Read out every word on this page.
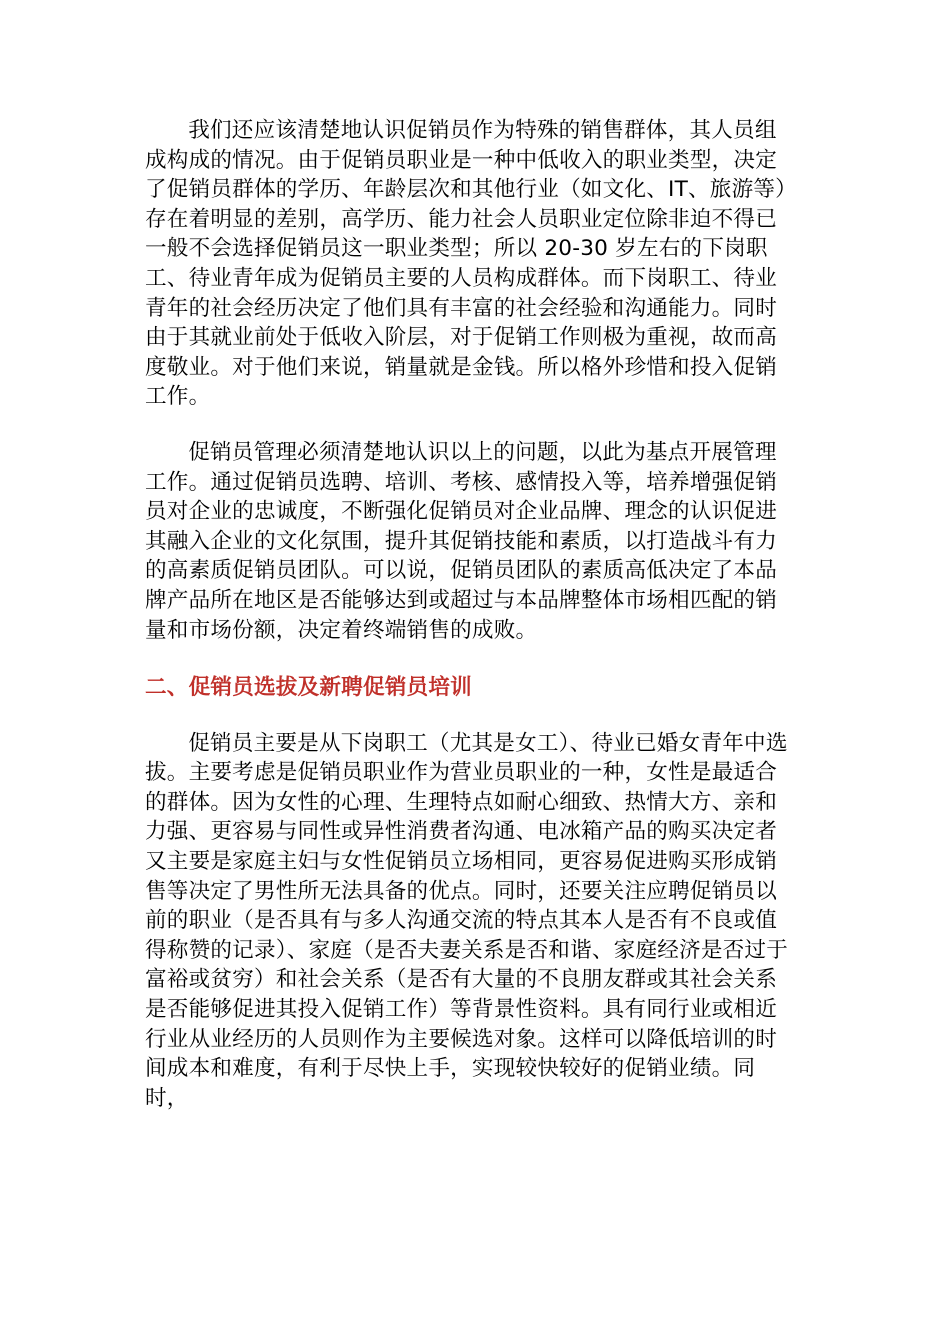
我们还应该清楚地认识促销员作为特殊的销售群体，其人员组成构成的情况。由于促销员职业是一种中低收入的职业类型，决定了促销员群体的学历、年龄层次和其他行业（如文化、IT、旅游等）存在着明显的差别，高学历、能力社会人员职业定位除非迫不得已一般不会选择促销员这一职业类型；所以 20-30 岁左右的下岗职工、待业青年成为促销员主要的人员构成群体。而下岗职工、待业青年的社会经历决定了他们具有丰富的社会经验和沟通能力。同时由于其就业前处于低收入阶层，对于促销工作则极为重视，故而高度敬业。对于他们来说，销量就是金钱。所以格外珍惜和投入促销工作。

促销员管理必须清楚地认识以上的问题，以此为基点开展管理工作。通过促销员选聘、培训、考核、感情投入等，培养增强促销员对企业的忠诚度，不断强化促销员对企业品牌、理念的认识促进其融入企业的文化氛围，提升其促销技能和素质，以打造战斗有力的高素质促销员团队。可以说，促销员团队的素质高低决定了本品牌产品所在地区是否能够达到或超过与本品牌整体市场相匹配的销量和市场份额，决定着终端销售的成败。

二、促销员选拔及新聘促销员培训

促销员主要是从下岗职工（尤其是女工）、待业已婚女青年中选拔。主要考虑是促销员职业作为营业员职业的一种，女性是最适合的群体。因为女性的心理、生理特点如耐心细致、热情大方、亲和力强、更容易与同性或异性消费者沟通、电冰箱产品的购买决定者又主要是家庭主妇与女性促销员立场相同，更容易促进购买形成销售等决定了男性所无法具备的优点。同时，还要关注应聘促销员以前的职业（是否具有与多人沟通交流的特点其本人是否有不良或值得称赞的记录）、家庭（是否夫妻关系是否和谐、家庭经济是否过于富裕或贫穷）和社会关系（是否有大量的不良朋友群或其社会关系是否能够促进其投入促销工作）等背景性资料。具有同行业或相近行业从业经历的人员则作为主要候选对象。这样可以降低培训的时间成本和难度，有利于尽快上手，实现较快较好的促销业绩。同时，
